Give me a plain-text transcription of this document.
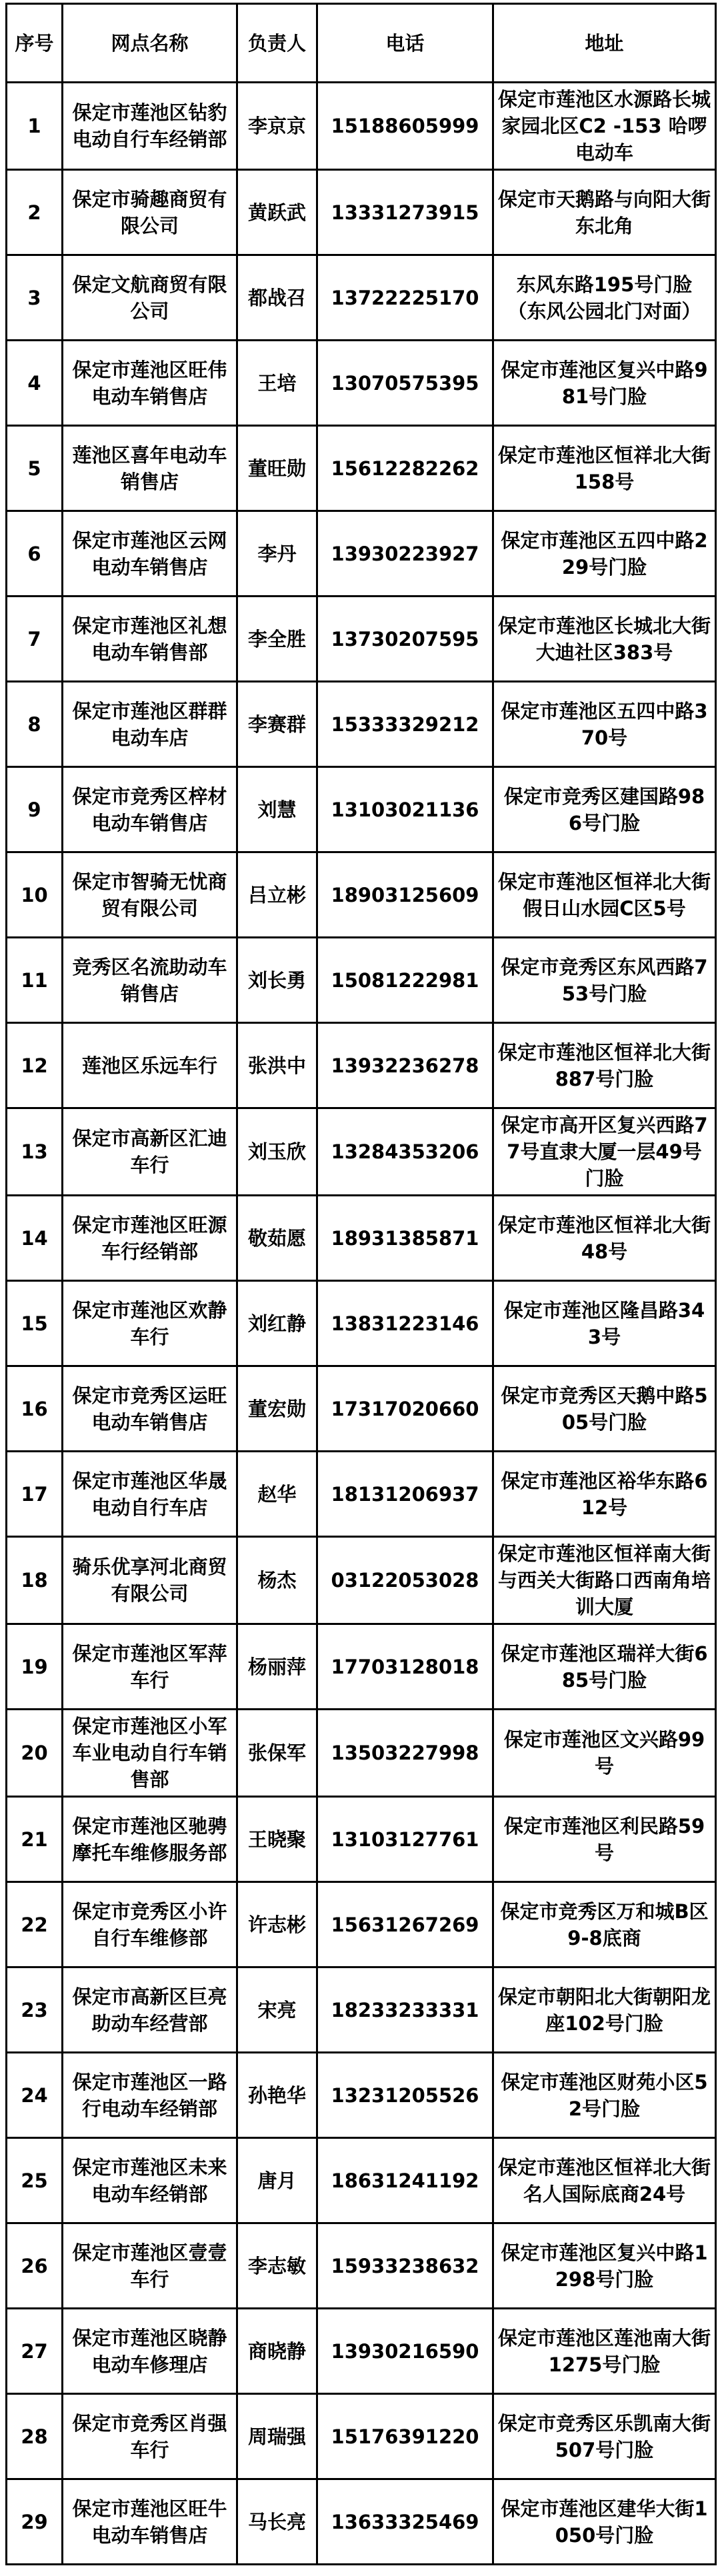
序号	网点名称	负责人	电话	地址
1	保定市莲池区钻豹电动自行车经销部	李京京	15188605999	保定市莲池区水源路长城家园北区C2 -153 哈啰电动车
2	保定市骑趣商贸有限公司	黄跃武	13331273915	保定市天鹅路与向阳大街东北角
3	保定文航商贸有限公司	都战召	13722225170	东风东路195号门脸 （东风公园北门对面）
4	保定市莲池区旺伟电动车销售店	王培	13070575395	保定市莲池区复兴中路981号门脸
5	莲池区喜年电动车销售店	董旺勋	15612282262	保定市莲池区恒祥北大街158号
6	保定市莲池区云网电动车销售店	李丹	13930223927	保定市莲池区五四中路229号门脸
7	保定市莲池区礼想电动车销售部	李全胜	13730207595	保定市莲池区长城北大街大迪社区383号
8	保定市莲池区群群电动车店	李赛群	15333329212	保定市莲池区五四中路370号
9	保定市竞秀区梓材电动车销售店	刘慧	13103021136	保定市竞秀区建国路986号门脸
10	保定市智骑无忧商贸有限公司	吕立彬	18903125609	保定市莲池区恒祥北大街假日山水园C区5号
11	竞秀区名流助动车销售店	刘长勇	15081222981	保定市竞秀区东风西路753号门脸
12	莲池区乐远车行	张洪中	13932236278	保定市莲池区恒祥北大街887号门脸
13	保定市高新区汇迪车行	刘玉欣	13284353206	保定市高开区复兴西路77号直隶大厦一层49号门脸
14	保定市莲池区旺源车行经销部	敬茹愿	18931385871	保定市莲池区恒祥北大街48号
15	保定市莲池区欢静车行	刘红静	13831223146	保定市莲池区隆昌路343号
16	保定市竞秀区运旺电动车销售店	董宏勋	17317020660	保定市竞秀区天鹅中路505号门脸
17	保定市莲池区华晟电动自行车店	赵华	18131206937	保定市莲池区裕华东路612号
18	骑乐优享河北商贸有限公司	杨杰	03122053028	保定市莲池区恒祥南大街与西关大街路口西南角培训大厦
19	保定市莲池区军萍车行	杨丽萍	17703128018	保定市莲池区瑞祥大街685号门脸
20	保定市莲池区小军车业电动自行车销售部	张保军	13503227998	保定市莲池区文兴路99号
21	保定市莲池区驰骋摩托车维修服务部	王晓聚	13103127761	保定市莲池区利民路59号
22	保定市竞秀区小许自行车维修部	许志彬	15631267269	保定市竞秀区万和城B区9-8底商
23	保定市高新区巨亮助动车经营部	宋亮	18233233331	保定市朝阳北大街朝阳龙座102号门脸
24	保定市莲池区一路行电动车经销部	孙艳华	13231205526	保定市莲池区财苑小区52号门脸
25	保定市莲池区未来电动车经销部	唐月	18631241192	保定市莲池区恒祥北大街名人国际底商24号
26	保定市莲池区壹壹车行	李志敏	15933238632	保定市莲池区复兴中路1298号门脸
27	保定市莲池区晓静电动车修理店	商晓静	13930216590	保定市莲池区莲池南大街1275号门脸
28	保定市竞秀区肖强车行	周瑞强	15176391220	保定市竞秀区乐凯南大街507号门脸
29	保定市莲池区旺牛电动车销售店	马长亮	13633325469	保定市莲池区建华大街1050号门脸
